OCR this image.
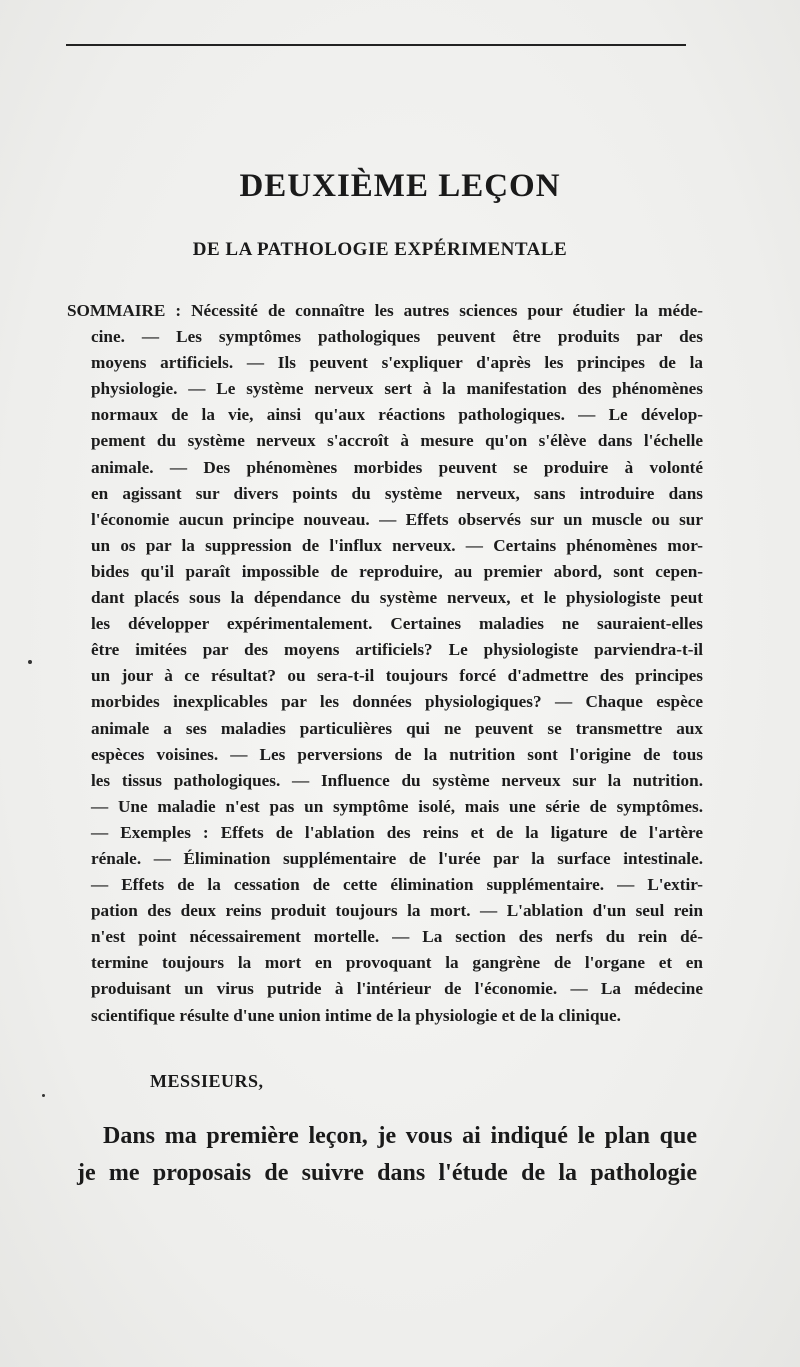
DEUXIÈME LEÇON
DE LA PATHOLOGIE EXPÉRIMENTALE
SOMMAIRE : Nécessité de connaître les autres sciences pour étudier la méde-
cine. — Les symptômes pathologiques peuvent être produits par des
moyens artificiels. — Ils peuvent s'expliquer d'après les principes de la
physiologie. — Le système nerveux sert à la manifestation des phénomènes
normaux de la vie, ainsi qu'aux réactions pathologiques. — Le dévelop-
pement du système nerveux s'accroît à mesure qu'on s'élève dans l'échelle
animale. — Des phénomènes morbides peuvent se produire à volonté
en agissant sur divers points du système nerveux, sans introduire dans
l'économie aucun principe nouveau. — Effets observés sur un muscle ou sur
un os par la suppression de l'influx nerveux. — Certains phénomènes mor-
bides qu'il paraît impossible de reproduire, au premier abord, sont cepen-
dant placés sous la dépendance du système nerveux, et le physiologiste peut
les développer expérimentalement. Certaines maladies ne sauraient-elles
être imitées par des moyens artificiels? Le physiologiste parviendra-t-il
un jour à ce résultat? ou sera-t-il toujours forcé d'admettre des principes
morbides inexplicables par les données physiologiques? — Chaque espèce
animale a ses maladies particulières qui ne peuvent se transmettre aux
espèces voisines. — Les perversions de la nutrition sont l'origine de tous
les tissus pathologiques. — Influence du système nerveux sur la nutrition.
— Une maladie n'est pas un symptôme isolé, mais une série de symptômes.
— Exemples : Effets de l'ablation des reins et de la ligature de l'artère
rénale. — Élimination supplémentaire de l'urée par la surface intestinale.
— Effets de la cessation de cette élimination supplémentaire. — L'extir-
pation des deux reins produit toujours la mort. — L'ablation d'un seul rein
n'est point nécessairement mortelle. — La section des nerfs du rein dé-
termine toujours la mort en provoquant la gangrène de l'organe et en
produisant un virus putride à l'intérieur de l'économie. — La médecine
scientifique résulte d'une union intime de la physiologie et de la clinique.
MESSIEURS,
Dans ma première leçon, je vous ai indiqué le plan que
je me proposais de suivre dans l'étude de la pathologie
